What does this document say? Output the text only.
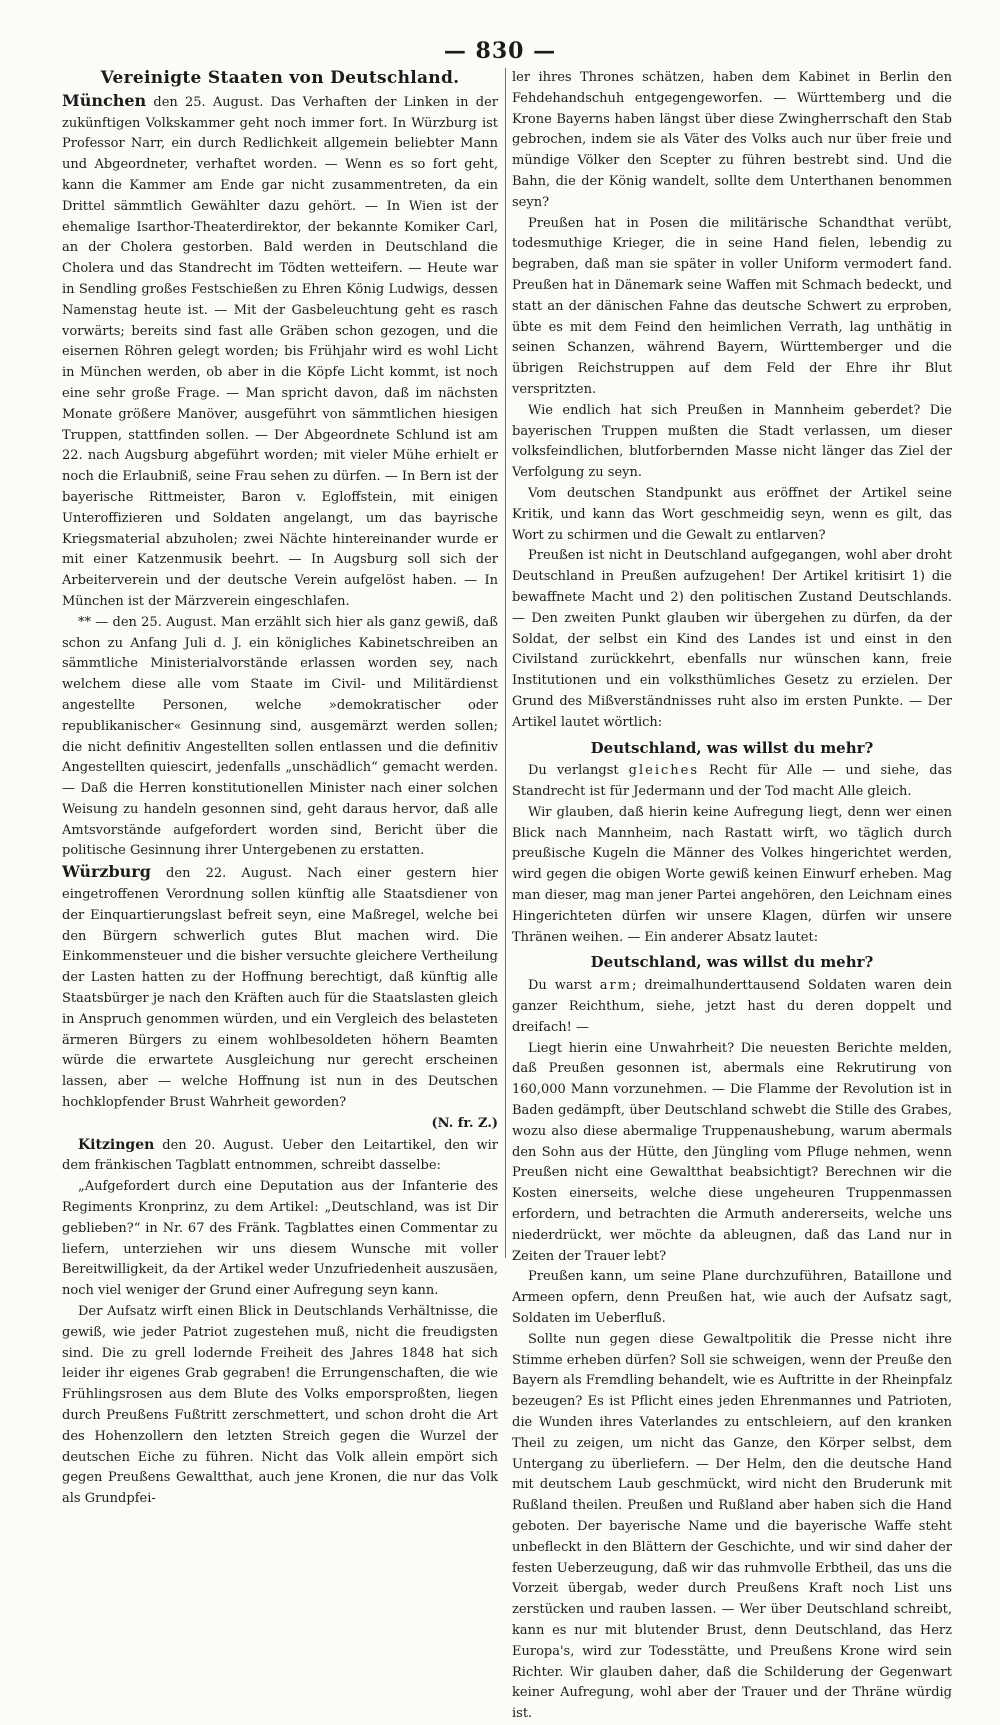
— 830 —
Vereinigte Staaten von Deutschland.

München den 25. August. Das Verhaften der Linken in der zukünftigen Volkskammer geht noch immer fort. In Würzburg ist Professor Narr, ein durch Redlichkeit allgemein beliebter Mann und Abgeordneter, verhaftet worden. — Wenn es so fort geht, kann die Kammer am Ende gar nicht zusammentreten, da ein Drittel sämmtlich Gewählter dazu gehört. — In Wien ist der ehemalige Isarthor-Theaterdirektor, der bekannte Komiker Carl, an der Cholera gestorben. Bald werden in Deutschland die Cholera und das Standrecht im Tödten wetteifern. — Heute war in Sendling großes Festschießen zu Ehren König Ludwigs, dessen Namenstag heute ist. — Mit der Gasbeleuchtung geht es rasch vorwärts; bereits sind fast alle Gräben schon gezogen, und die eisernen Röhren gelegt worden; bis Frühjahr wird es wohl Licht in München werden, ob aber in die Köpfe Licht kommt, ist noch eine sehr große Frage. — Man spricht davon, daß im nächsten Monate größere Manöver, ausgeführt von sämmtlichen hiesigen Truppen, stattfinden sollen. — Der Abgeordnete Schlund ist am 22. nach Augsburg abgeführt worden; mit vieler Mühe erhielt er noch die Erlaubniß, seine Frau sehen zu dürfen. — In Bern ist der bayerische Rittmeister, Baron v. Egloffstein, mit einigen Unteroffizieren und Soldaten angelangt, um das bayrische Kriegsmaterial abzuholen; zwei Nächte hintereinander wurde er mit einer Katzenmusik beehrt. — In Augsburg soll sich der Arbeiterverein und der deutsche Verein aufgelöst haben. — In München ist der Märzverein eingeschlafen.

** — den 25. August. Man erzählt sich hier als ganz gewiß, daß schon zu Anfang Juli d. J. ein königliches Kabinetschreiben an sämmtliche Ministerialvorstände erlassen worden sey, nach welchem diese alle vom Staate im Civil- und Militärdienst angestellte Personen, welche »demokratischer oder republikanischer« Gesinnung sind, ausgemärzt werden sollen; die nicht definitiv Angestellten sollen entlassen und die definitiv Angestellten quiescirt, jedenfalls „unschädlich“ gemacht werden. — Daß die Herren konstitutionellen Minister nach einer solchen Weisung zu handeln gesonnen sind, geht daraus hervor, daß alle Amtsvorstände aufgefordert worden sind, Bericht über die politische Gesinnung ihrer Untergebenen zu erstatten.

Würzburg den 22. August. Nach einer gestern hier eingetroffenen Verordnung sollen künftig alle Staatsdiener von der Einquartierungslast befreit seyn, eine Maßregel, welche bei den Bürgern schwerlich gutes Blut machen wird. Die Einkommensteuer und die bisher versuchte gleichere Vertheilung der Lasten hatten zu der Hoffnung berechtigt, daß künftig alle Staatsbürger je nach den Kräften auch für die Staatslasten gleich in Anspruch genommen würden, und ein Vergleich des belasteten ärmeren Bürgers zu einem wohlbesoldeten höhern Beamten würde die erwartete Ausgleichung nur gerecht erscheinen lassen, aber — welche Hoffnung ist nun in des Deutschen hochklopfender Brust Wahrheit geworden?

(N. fr. Z.)

Kitzingen den 20. August. Ueber den Leitartikel, den wir dem fränkischen Tagblatt entnommen, schreibt dasselbe:

„Aufgefordert durch eine Deputation aus der Infanterie des Regiments Kronprinz, zu dem Artikel: „Deutschland, was ist Dir geblieben?“ in Nr. 67 des Fränk. Tagblattes einen Commentar zu liefern, unterziehen wir uns diesem Wunsche mit voller Bereitwilligkeit, da der Artikel weder Unzufriedenheit auszusäen, noch viel weniger der Grund einer Aufregung seyn kann.

Der Aufsatz wirft einen Blick in Deutschlands Verhältnisse, die gewiß, wie jeder Patriot zugestehen muß, nicht die freudigsten sind. Die zu grell lodernde Freiheit des Jahres 1848 hat sich leider ihr eigenes Grab gegraben! die Errungenschaften, die wie Frühlingsrosen aus dem Blute des Volks emporsproßten, liegen durch Preußens Fußtritt zerschmettert, und schon droht die Art des Hohenzollern den letzten Streich gegen die Wurzel der deutschen Eiche zu führen. Nicht das Volk allein empört sich gegen Preußens Gewaltthat, auch jene Kronen, die nur das Volk als Grundpfei-

ler ihres Thrones schätzen, haben dem Kabinet in Berlin den Fehdehandschuh entgegengeworfen. — Württemberg und die Krone Bayerns haben längst über diese Zwingherrschaft den Stab gebrochen, indem sie als Väter des Volks auch nur über freie und mündige Völker den Scepter zu führen bestrebt sind. Und die Bahn, die der König wandelt, sollte dem Unterthanen benommen seyn?

Preußen hat in Posen die militärische Schandthat verübt, todesmuthige Krieger, die in seine Hand fielen, lebendig zu begraben, daß man sie später in voller Uniform vermodert fand. Preußen hat in Dänemark seine Waffen mit Schmach bedeckt, und statt an der dänischen Fahne das deutsche Schwert zu erproben, übte es mit dem Feind den heimlichen Verrath, lag unthätig in seinen Schanzen, während Bayern, Württemberger und die übrigen Reichstruppen auf dem Feld der Ehre ihr Blut verspritzten.

Wie endlich hat sich Preußen in Mannheim geberdet? Die bayerischen Truppen mußten die Stadt verlassen, um dieser volksfeindlichen, blutforbernden Masse nicht länger das Ziel der Verfolgung zu seyn.

Vom deutschen Standpunkt aus eröffnet der Artikel seine Kritik, und kann das Wort geschmeidig seyn, wenn es gilt, das Wort zu schirmen und die Gewalt zu entlarven?

Preußen ist nicht in Deutschland aufgegangen, wohl aber droht Deutschland in Preußen aufzugehen! Der Artikel kritisirt 1) die bewaffnete Macht und 2) den politischen Zustand Deutschlands. — Den zweiten Punkt glauben wir übergehen zu dürfen, da der Soldat, der selbst ein Kind des Landes ist und einst in den Civilstand zurückkehrt, ebenfalls nur wünschen kann, freie Institutionen und ein volksthümliches Gesetz zu erzielen. Der Grund des Mißverständnisses ruht also im ersten Punkte. — Der Artikel lautet wörtlich:

Deutschland, was willst du mehr?

Du verlangst gleiches Recht für Alle — und siehe, das Standrecht ist für Jedermann und der Tod macht Alle gleich.

Wir glauben, daß hierin keine Aufregung liegt, denn wer einen Blick nach Mannheim, nach Rastatt wirft, wo täglich durch preußische Kugeln die Männer des Volkes hingerichtet werden, wird gegen die obigen Worte gewiß keinen Einwurf erheben. Mag man dieser, mag man jener Partei angehören, den Leichnam eines Hingerichteten dürfen wir unsere Klagen, dürfen wir unsere Thränen weihen. — Ein anderer Absatz lautet:

Deutschland, was willst du mehr?

Du warst arm; dreimalhunderttausend Soldaten waren dein ganzer Reichthum, siehe, jetzt hast du deren doppelt und dreifach! —

Liegt hierin eine Unwahrheit? Die neuesten Berichte melden, daß Preußen gesonnen ist, abermals eine Rekrutirung von 160,000 Mann vorzunehmen. — Die Flamme der Revolution ist in Baden gedämpft, über Deutschland schwebt die Stille des Grabes, wozu also diese abermalige Truppenaushebung, warum abermals den Sohn aus der Hütte, den Jüngling vom Pfluge nehmen, wenn Preußen nicht eine Gewaltthat beabsichtigt? Berechnen wir die Kosten einerseits, welche diese ungeheuren Truppenmassen erfordern, und betrachten die Armuth andererseits, welche uns niederdrückt, wer möchte da ableugnen, daß das Land nur in Zeiten der Trauer lebt?

Preußen kann, um seine Plane durchzuführen, Bataillone und Armeen opfern, denn Preußen hat, wie auch der Aufsatz sagt, Soldaten im Ueberfluß.

Sollte nun gegen diese Gewaltpolitik die Presse nicht ihre Stimme erheben dürfen? Soll sie schweigen, wenn der Preuße den Bayern als Fremdling behandelt, wie es Auftritte in der Rheinpfalz bezeugen? Es ist Pflicht eines jeden Ehrenmannes und Patrioten, die Wunden ihres Vaterlandes zu entschleiern, auf den kranken Theil zu zeigen, um nicht das Ganze, den Körper selbst, dem Untergang zu überliefern. — Der Helm, den die deutsche Hand mit deutschem Laub geschmückt, wird nicht den Bruderunk mit Rußland theilen. Preußen und Rußland aber haben sich die Hand geboten. Der bayerische Name und die bayerische Waffe steht unbefleckt in den Blättern der Geschichte, und wir sind daher der festen Ueberzeugung, daß wir das ruhmvolle Erbtheil, das uns die Vorzeit übergab, weder durch Preußens Kraft noch List uns zerstücken und rauben lassen. — Wer über Deutschland schreibt, kann es nur mit blutender Brust, denn Deutschland, das Herz Europa's, wird zur Todesstätte, und Preußens Krone wird sein Richter. Wir glauben daher, daß die Schilderung der Gegenwart keiner Aufregung, wohl aber der Trauer und der Thräne würdig ist.
